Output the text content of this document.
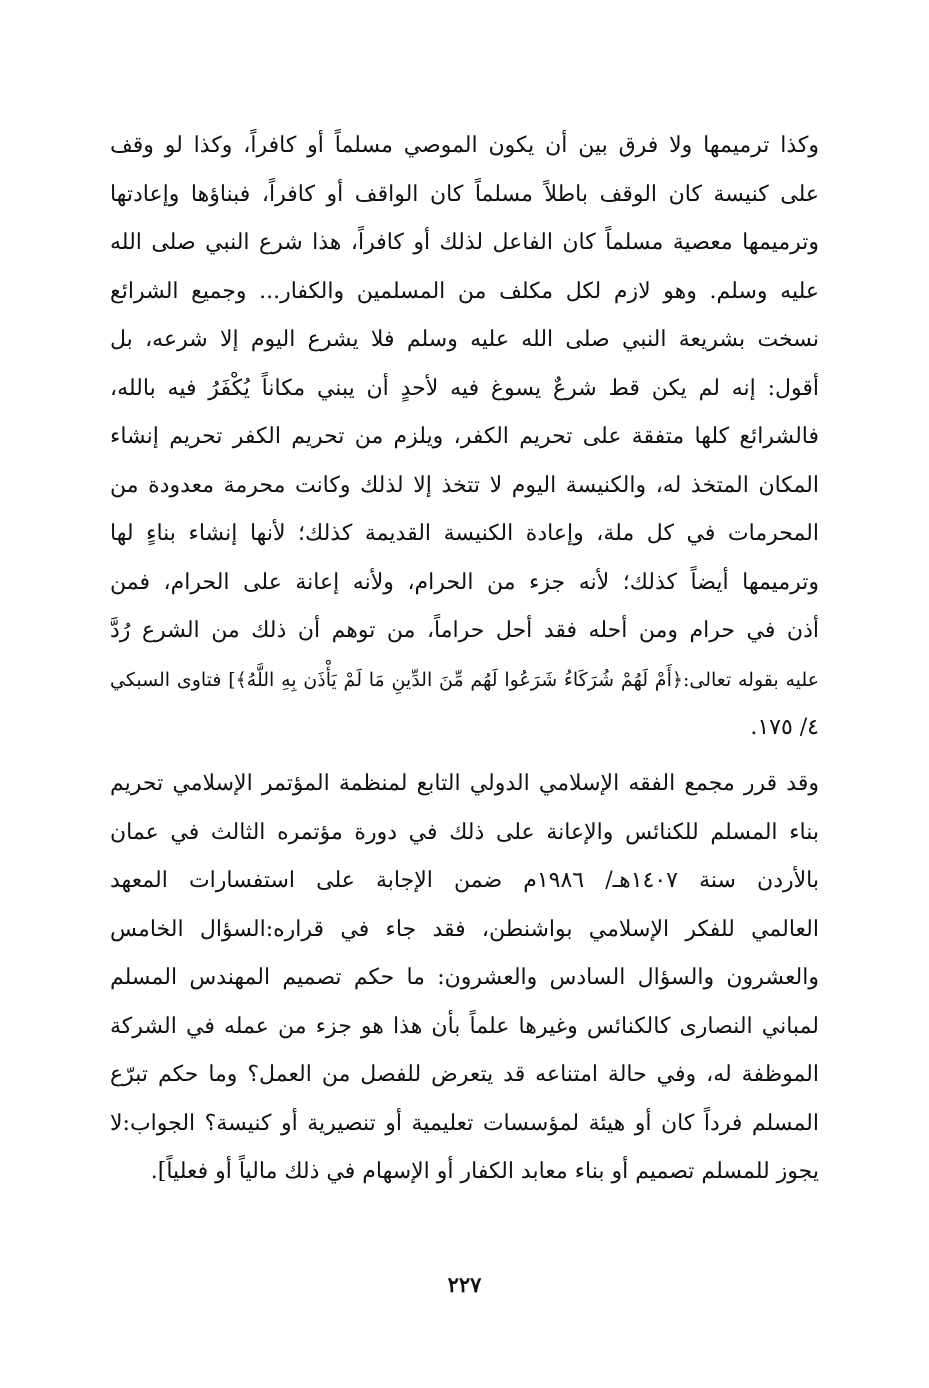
وكذا ترميمها ولا فرق بين أن يكون الموصي مسلماً أو كافراً، وكذا لو وقف
على كنيسة كان الوقف باطلاً مسلماً كان الواقف أو كافراً، فبناؤها وإعادتها
وترميمها معصية مسلماً كان الفاعل لذلك أو كافراً، هذا شرع النبي صلى الله
عليه وسلم. وهو لازم لكل مكلف من المسلمين والكفار... وجميع الشرائع
نسخت بشريعة النبي صلى الله عليه وسلم فلا يشرع اليوم إلا شرعه، بل
أقول: إنه لم يكن قط شرعٌ يسوغ فيه لأحدٍ أن يبني مكاناً يُكْفَرُ فيه بالله،
فالشرائع كلها متفقة على تحريم الكفر، ويلزم من تحريم الكفر تحريم إنشاء
المكان المتخذ له، والكنيسة اليوم لا تتخذ إلا لذلك وكانت محرمة معدودة من
المحرمات في كل ملة، وإعادة الكنيسة القديمة كذلك؛ لأنها إنشاء بناءٍ لها
وترميمها أيضاً كذلك؛ لأنه جزء من الحرام، ولأنه إعانة على الحرام، فمن
أذن في حرام ومن أحله فقد أحل حراماً، من توهم أن ذلك من الشرع رُدَّ
عليه بقوله تعالى:﴿أَمْ لَهُمْ شُرَكَاءُ شَرَعُوا لَهُم مِّنَ الدِّينِ مَا لَمْ يَأْذَن بِهِ اللَّهُ﴾] فتاوى السبكي
٤/ ١٧٥.
وقد قرر مجمع الفقه الإسلامي الدولي التابع لمنظمة المؤتمر الإسلامي تحريم
بناء المسلم للكنائس والإعانة على ذلك في دورة مؤتمره الثالث في عمان
بالأردن سنة ١٤٠٧هـ/ ١٩٨٦م ضمن الإجابة على استفسارات المعهد
العالمي للفكر الإسلامي بواشنطن، فقد جاء في قراره:السؤال الخامس
والعشرون والسؤال السادس والعشرون: ما حكم تصميم المهندس المسلم
لمباني النصارى كالكنائس وغيرها علماً بأن هذا هو جزء من عمله في الشركة
الموظفة له، وفي حالة امتناعه قد يتعرض للفصل من العمل؟ وما حكم تبرّع
المسلم فرداً كان أو هيئة لمؤسسات تعليمية أو تنصيرية أو كنيسة؟ الجواب:لا
يجوز للمسلم تصميم أو بناء معابد الكفار أو الإسهام في ذلك مالياً أو فعلياً].
٢٢٧
